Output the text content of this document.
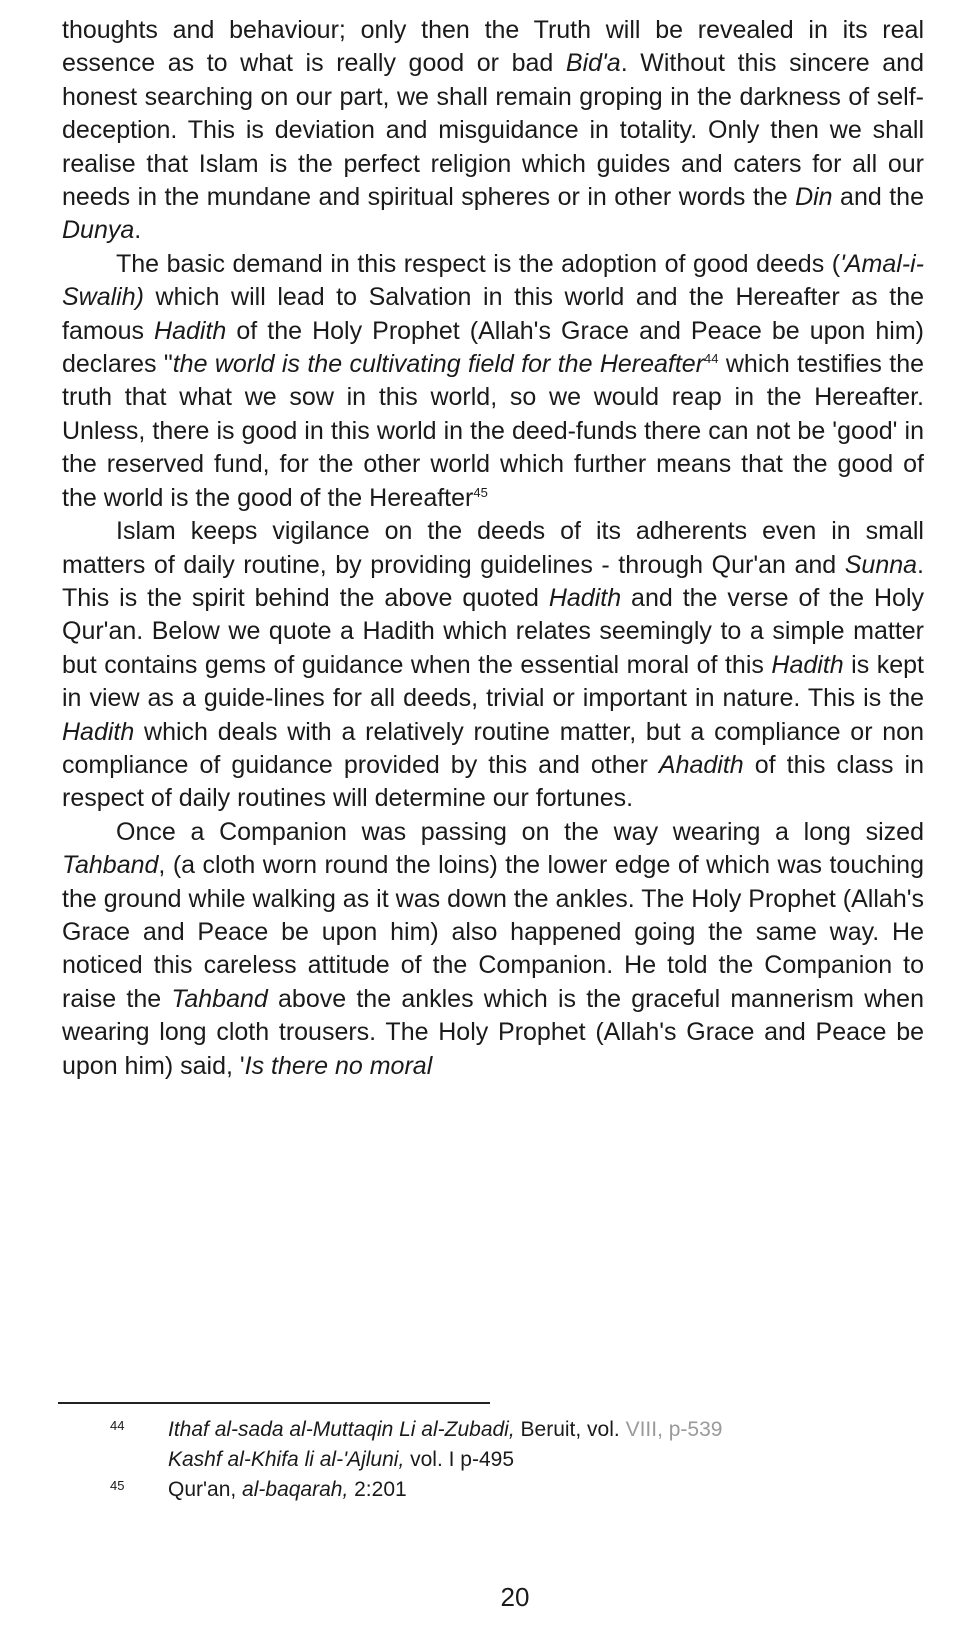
thoughts and behaviour; only then the Truth will be revealed in its real essence as to what is really good or bad Bid'a. Without this sincere and honest searching on our part, we shall remain groping in the darkness of self-deception. This is deviation and misguidance in totality. Only then we shall realise that Islam is the perfect religion which guides and caters for all our needs in the mundane and spiritual spheres or in other words the Din and the Dunya.

The basic demand in this respect is the adoption of good deeds ('Amal-i-Swalih) which will lead to Salvation in this world and the Hereafter as the famous Hadith of the Holy Prophet (Allah's Grace and Peace be upon him) declares "the world is the cultivating field for the Hereafter$^{44}$ which testifies the truth that what we sow in this world, so we would reap in the Hereafter. Unless, there is good in this world in the deed-funds there can not be 'good' in the reserved fund, for the other world which further means that the good of the world is the good of the Hereafter$^{45}$

Islam keeps vigilance on the deeds of its adherents even in small matters of daily routine, by providing guidelines - through Qur'an and Sunna. This is the spirit behind the above quoted Hadith and the verse of the Holy Qur'an. Below we quote a Hadith which relates seemingly to a simple matter but contains gems of guidance when the essential moral of this Hadith is kept in view as a guide-lines for all deeds, trivial or important in nature. This is the Hadith which deals with a relatively routine matter, but a compliance or non compliance of guidance provided by this and other Ahadith of this class in respect of daily routines will determine our fortunes.

Once a Companion was passing on the way wearing a long sized Tahband, (a cloth worn round the loins) the lower edge of which was touching the ground while walking as it was down the ankles. The Holy Prophet (Allah's Grace and Peace be upon him) also happened going the same way. He noticed this careless attitude of the Companion. He told the Companion to raise the Tahband above the ankles which is the graceful mannerism when wearing long cloth trousers. The Holy Prophet (Allah's Grace and Peace be upon him) said, 'Is there no moral

44	Ithaf al-sada al-Muttaqin Li al-Zubadi, Beruit, vol. VIII, p-539
Kashf al-Khifa li al-'Ajluni, vol. I p-495
45	Qur'an, al-baqarah, 2:201
20
